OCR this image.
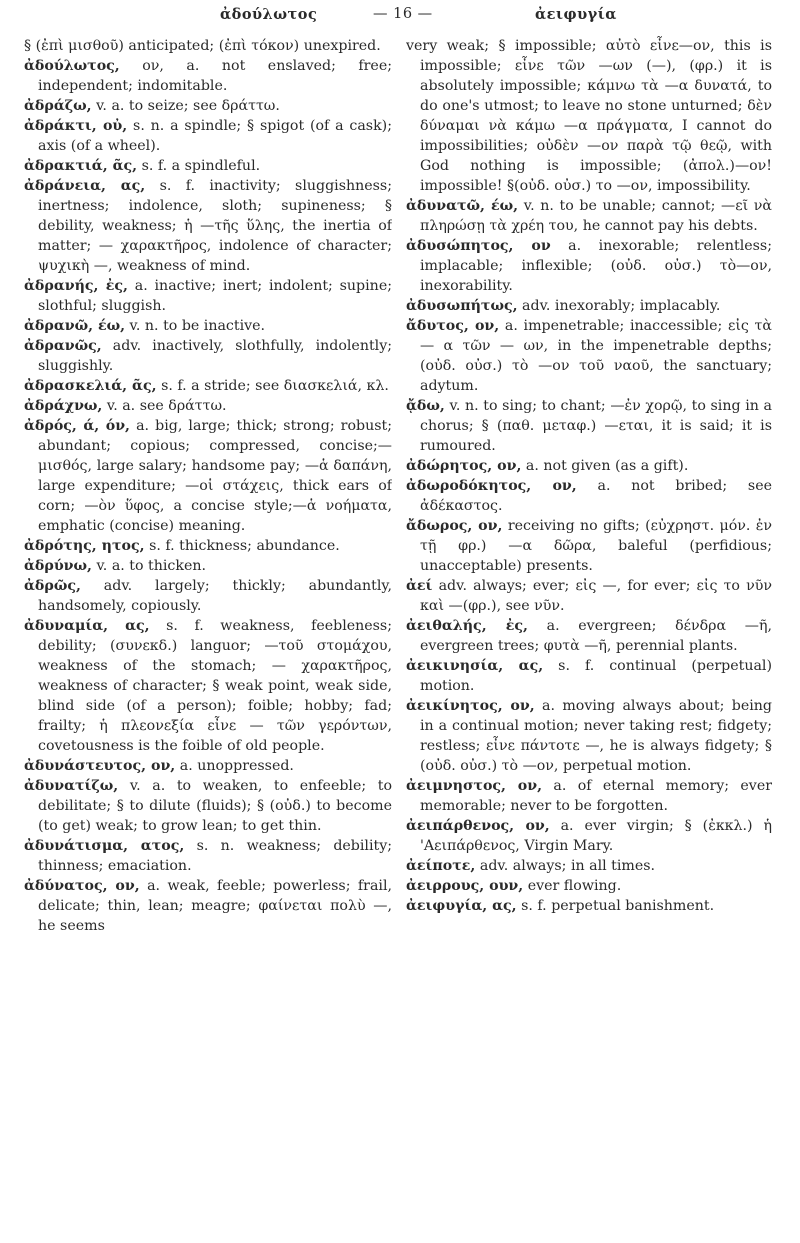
ἀδούλωτος	— 16 —	ἀειφυγία

§ (ἐπὶ μισθοῦ) anticipated; (ἐπὶ τόκον) unexpired.

ἀδούλωτος, ον, a. not enslaved; free; independent; indomitable.

ἀδράζω, v. a. to seize; see δράττω.

ἀδράκτι, οὐ, s. n. a spindle; § spigot (of a cask); axis (of a wheel).

ἀδρακτιά, ᾶς, s. f. a spindleful.

ἀδράνεια, ας, s. f. inactivity; sluggishness; inertness; indolence, sloth; supineness; § debility, weakness; ἡ —τῆς ὕλης, the inertia of matter; — χαρακτῆρος, indolence of character; ψυχικὴ —, weakness of mind.

ἀδρανής, ἐς, a. inactive; inert; indolent; supine; slothful; sluggish.

ἀδρανῶ, έω, v. n. to be inactive.

ἀδρανῶς, adv. inactively, slothfully, indolently; sluggishly.

ἀδρασκελιά, ᾶς, s. f. a stride; see διασκελιά, κλ.

ἀδράχνω, v. a. see δράττω.

ἀδρός, ά, όν, a. big, large; thick; strong; robust; abundant; copious; compressed, concise;— μισθός, large salary; handsome pay; —ἁ δαπάνη, large expenditure; —οἱ στάχεις, thick ears of corn; —ὸν ὕφος, a concise style;—ἁ νοήματα, emphatic (concise) meaning.

ἀδρότης, ητος, s. f. thickness; abundance.

ἀδρύνω, v. a. to thicken.

ἀδρῶς, adv. largely; thickly; abundantly, handsomely, copiously.

ἀδυναμία, ας, s. f. weakness, feebleness; debility; (συνεκδ.) languor; —τοῦ στομάχου, weakness of the stomach; — χαρακτῆρος, weakness of character; § weak point, weak side, blind side (of a person); foible; hobby; fad; frailty; ἡ πλεονεξία εἶνε — τῶν γερόντων, covetousness is the foible of old people.

ἀδυνάστευτος, ον, a. unoppressed.

ἀδυνατίζω, v. a. to weaken, to enfeeble; to debilitate; § to dilute (fluids); § (οὐδ.) to become (to get) weak; to grow lean; to get thin.

ἀδυνάτισμα, ατος, s. n. weakness; debility; thinness; emaciation.

ἀδύνατος, ον, a. weak, feeble; powerless; frail, delicate; thin, lean; meagre; φαίνεται πολὺ —, he seems

very weak; § impossible; αὐτὸ εἶνε—ον, this is impossible; εἶνε τῶν —ων (—), (φρ.) it is absolutely impossible; κάμνω τὰ —α δυνατά, to do one's utmost; to leave no stone unturned; δὲν δύναμαι νὰ κάμω —α πράγματα, I cannot do impossibilities; οὐδὲν —ον παρὰ τῷ θεῷ, with God nothing is impossible; (ἀπολ.)—ον! impossible! §(οὐδ. οὐσ.) το —ον, impossibility.

ἀδυνατῶ, έω, v. n. to be unable; cannot; —εῖ νὰ πληρώσῃ τὰ χρέη του, he cannot pay his debts.

ἀδυσώπητος, ον a. inexorable; relentless; implacable; inflexible; (οὐδ. οὐσ.) τὸ—ον, inexorability.

ἀδυσωπήτως, adv. inexorably; implacably.

ἄδυτος, ον, a. impenetrable; inaccessible; εἰς τὰ — α τῶν — ων, in the impenetrable depths; (οὐδ. οὐσ.) τὸ —ον τοῦ ναοῦ, the sanctuary; adytum.

ᾄδω, v. n. to sing; to chant; —ἐν χορῷ, to sing in a chorus; § (παθ. μεταφ.) —εται, it is said; it is rumoured.

ἀδώρητος, ον, a. not given (as a gift).

ἀδωροδόκητος, ον, a. not bribed; see ἀδέκαστος.

ἄδωρος, ον, receiving no gifts; (εὐχρηστ. μόν. ἐν τῇ φρ.) —α δῶρα, baleful (perfidious; unacceptable) presents.

ἀεί adv. always; ever; εἰς —, for ever; εἰς το νῦν καὶ —(φρ.), see νῦν.

ἀειθαλής, ἐς, a. evergreen; δένδρα —ῆ, evergreen trees; φυτὰ —ῆ, perennial plants.

ἀεικινησία, ας, s. f. continual (perpetual) motion.

ἀεικίνητος, ον, a. moving always about; being in a continual motion; never taking rest; fidgety; restless; εἶνε πάντοτε —, he is always fidgety; § (οὐδ. οὐσ.) τὸ —ον, perpetual motion.

ἀειμνηστος, ον, a. of eternal memory; ever memorable; never to be forgotten.

ἀειπάρθενος, ον, a. ever virgin; § (ἐκκλ.) ἡ 'Αειπάρθενος, Virgin Mary.

ἀείποτε, adv. always; in all times.

ἀειρρους, ουν, ever flowing.

ἀειφυγία, ας, s. f. perpetual banishment.
